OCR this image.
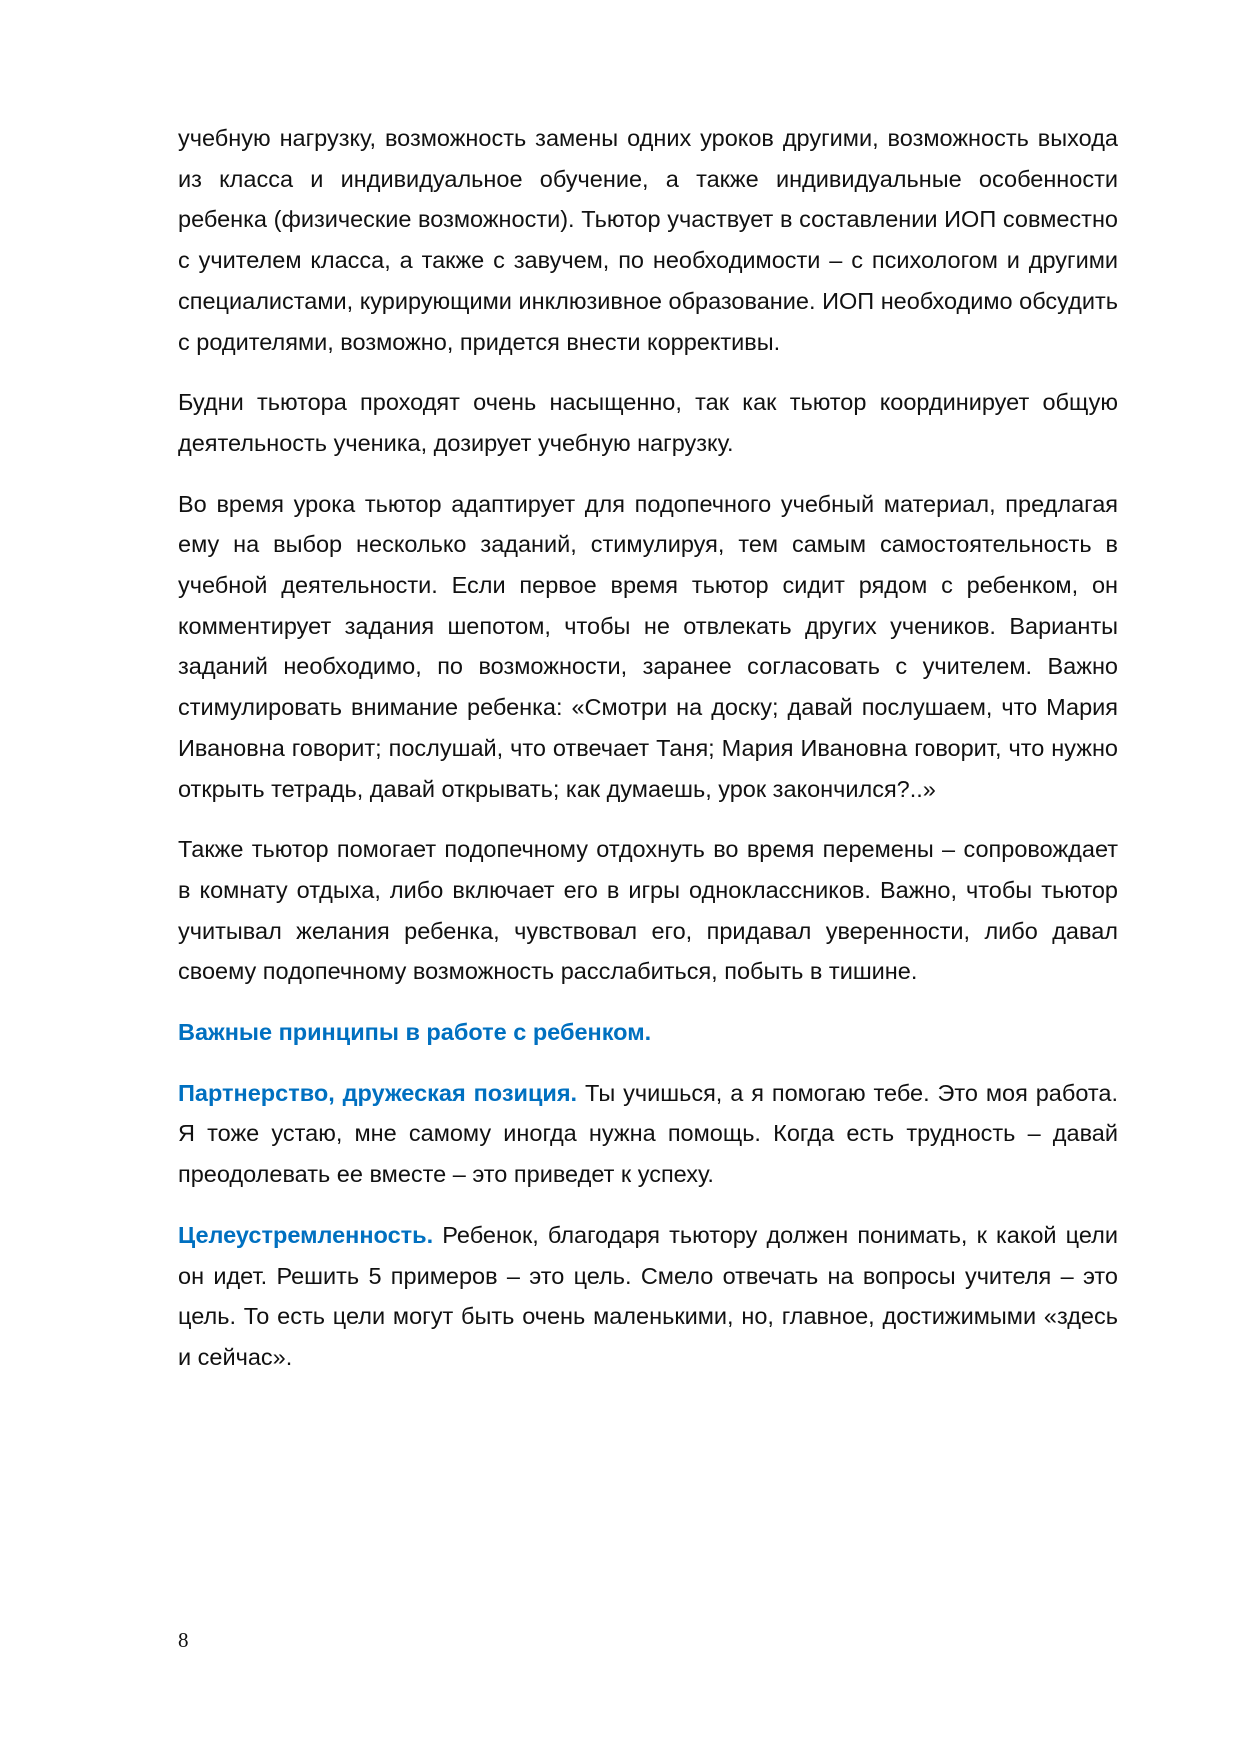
учебную нагрузку, возможность замены одних уроков другими, возможность выхода из класса и индивидуальное обучение, а также индивидуальные особенности ребенка (физические возможности). Тьютор участвует в составлении ИОП совместно с учителем класса, а также с завучем, по необходимости – с психологом и другими специалистами, курирующими инклюзивное образование. ИОП необходимо обсудить с родителями, возможно, придется внести коррективы.

Будни тьютора проходят очень насыщенно, так как тьютор координирует общую деятельность ученика, дозирует учебную нагрузку.

Во время урока тьютор адаптирует для подопечного учебный материал, предлагая ему на выбор несколько заданий, стимулируя, тем самым самостоятельность в учебной деятельности. Если первое время тьютор сидит рядом с ребенком, он комментирует задания шепотом, чтобы не отвлекать других учеников. Варианты заданий необходимо, по возможности, заранее согласовать с учителем. Важно стимулировать внимание ребенка: «Смотри на доску; давай послушаем, что Мария Ивановна говорит; послушай, что отвечает Таня; Мария Ивановна говорит, что нужно открыть тетрадь, давай открывать; как думаешь, урок закончился?..»

Также тьютор помогает подопечному отдохнуть во время перемены – сопровождает в комнату отдыха, либо включает его в игры одноклассников. Важно, чтобы тьютор учитывал желания ребенка, чувствовал его, придавал уверенности, либо давал своему подопечному возможность расслабиться, побыть в тишине.

Важные принципы в работе с ребенком.

Партнерство, дружеская позиция. Ты учишься, а я помогаю тебе. Это моя работа. Я тоже устаю, мне самому иногда нужна помощь. Когда есть трудность – давай преодолевать ее вместе – это приведет к успеху.

Целеустремленность. Ребенок, благодаря тьютору должен понимать, к какой цели он идет. Решить 5 примеров – это цель. Смело отвечать на вопросы учителя – это цель. То есть цели могут быть очень маленькими, но, главное, достижимыми «здесь и сейчас».

8
